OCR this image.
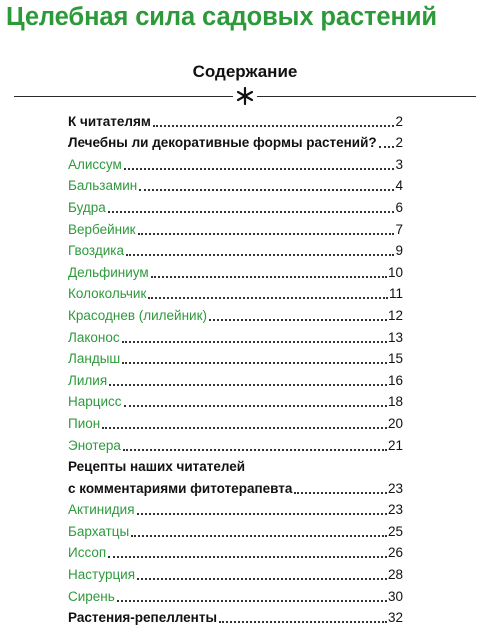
Целебная сила садовых растений
Содержание
К читателям	2
Лечебны ли декоративные формы растений? 2
Алиссум	3
Бальзамин	4
Будра	6
Вербейник	7
Гвоздика	9
Дельфиниум	10
Колокольчик	11
Красоднев (лилейник)	12
Лаконос	13
Ландыш	15
Лилия	16
Нарцисс	18
Пион	20
Энотера	21
Рецепты наших читателей
с комментариями фитотерапевта	23
Актинидия	23
Бархатцы	25
Иссоп	26
Настурция	28
Сирень	30
Растения-репелленты	32
